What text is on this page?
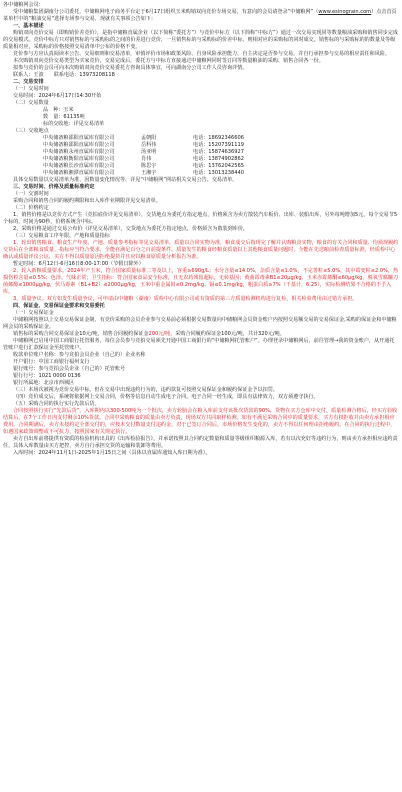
各中储粮网会员：

受中储粮集团湖南分公司委托，中储粮网电子商务平台定于6月17日组织玉米购销双向竞价专场交易，有意向的会员请登录“中储粮网”（www.esinograin.com）点击首页菜单栏中的“粮油交易”选择专场参与交易，现就有关事项公告如下：

一、基本描述

购销双向竞价交易（即购销价差竞价），是指中储粮直属企业（以下简称“委托方”）与竞价中标方（以下简称“中标方”）通过一次交易实现同等数量粮油采购和销售同步完成的交易模式。竞价中标方只对销售标的与采购标的之间的价差进行竞价，一旦销售标的与采购标的价差中标，则相对应的采购标的同时成交。销售标的与采购标的的数量及等级质量相对应，采购标的价格按照交易清单中公布的价格不变。

竞价参与方应认真阅读本公告、交易细则和交易清单，审慎评价市场和政策风险、自身风险承担能力，自主决定是否参与交易，并自行承担参与交易的相应责任和风险。

本次购销双向竞价交易类型为买家竞价，交易完成后，委托方与中标方直接通过中储粮网同时签订同等数量粮油的采购、销售合同各一份。

拟参与竞价的会员可向本次购销双向竞价交易委托方咨询具体事宜，可向湖南分公司工作人员咨询详情。

联系人：王波　　联系电话：13973208118

二、交易安排

（一）交易时间

交易时间：2024年6月17日14:30开始

（二）交易数量

品　种：玉米

数　量：61135吨

标的交收地：详见交易清单

（三）交收地点

中央储备粮邵阳直属库有限公司	孟朝阳	电话：18692346606
中央储备粮邵阳直属库有限公司	岳科伟	电话：15207391119
中央储备粮永州直属库有限公司	汤亚明	电话：15874636927
中央储备粮衡阳直属库有限公司	肖伟	电话：13874902862
中央储备粮长沙直属库有限公司	陈思宇	电话：13762042565
中央储备粮湘潭直属库有限公司	王湘宇	电话：13013238440

具体交易数量以交易清单为准，因数量变化情况等，详见“中储粮网”网站相关交易公告、交易清单。

三、交易时间、价格及质量标准约定

（一）交割时间

采购合同和销售合同的履约期限和出入库作业期限详见交易清单。

（二）价格约定

1、销售价格是以竞价方式产生（竞拍底价详见交易清单），交货地点为委托方指定地点，价格须含为卖方散装汽车板价、出库、装船出库，另外每吨增加5元，每个交易节5个标的，时间为90秒，价格系统含中标。

2、采购价格是通过交易公布价（详见交易清单），交货地点为委托方指定地点，价格须含为散装到库价。

（三）交易粮食工序年限、产地和质量指标

1、轮出销售粮食。粮食生产年度、产地、质量参考指标等见交易清单。质量以合同实物为准，粮食成交后指现完了解并认购粮食实物，粮食的有关合同和质量、均须现履约交货后在全部粮食质量、指标应当符合要求，全能在满足百分之百前提条件，质量发生的粮食经粮食质量以上其他粮食质量问题时，全能在先送粮前检查质量标准，经质检中心确认或质量评议公证，买方不得以质量原因拒绝提货并且应以粮食原质量分析报告为准。

暂定时间：6月12日-6月16日8:00-17:00（节假日除外）

2、轮入新粮质量要求。2024年产玉米，符合国家质量标准二等及以上，容重≥690g/L；水分含量≤14.0%，杂质含量≤1.0%，不完善粒≤5.0%，其中霉变粒≤2.0%，热损伤粒含量≤0.5%；色泽、气味正常；卫生指标：符合国家食品安全标准，且无农药残留超标，无转基因；黄曲霉毒素B1≤20μg/kg，玉米赤霉烯酮≤60μg/kg，脱氧雪腐镰刀菌烯醇≤1000μg/kg，伏马毒素（B1+B2）≤2000μg/kg，玉米中重金属铅≤0.2mg/kg、镉≤0.1mg/kg，粗蛋白质≥7%（干基计，6.25），实际检测结果不合格的不予入库。

3、质量争议。双方如发生质量争议，可申请由中储粮（湖南）质检中心有限公司或有资质的第三方质量检测机构进行复检，相关检验费用由过错方承担。

四、保证金、交易保证金要求和交易委托

（一）交易保证金

中储粮网按照以上交易交易保证金制，有竞价采购的会员企业参与交易前必须根据交易数量向中储粮网会员资金账户内按照交易额交易的交易保证金,采购的保证金和中储粮网会员的采购保证金。

销售标的采购合同交易保证金10元/吨，销售合同履约保证金200元/吨，采购合同履约保证金100元/吨，共计320元/吨。

中储粮网已启用中国工商银行托管服务，每位会员参与竞拍交易须先开通中国工商银行的“中储粮网托管账户”。办理登录中储粮网后，前往管理→我的资金账户，从开通托管账户进行汇款保证金至托管账户。

收款单位账户名称：参与竞拍会员企业（自己的）企业名称

开户银行：中国工商银行福州支行

银行账号：参与竞拍会员企业（自己的）托管账号

银行行号：1021 0000 0136

银行所属地：北京市西城区

（三）本场次被视为竞价交易中标，但在交易中出现违约行为的，违约款复可按照交易保证金和履约保证金予以扣罚。

（四）竞价成交后，系统将依据网上交易合同，价格等信息自动生成电子合同。电子合同一经生成，即具有法律效力，双方须遵守执行。

（五）采购合同的执行实行先款后货。

合同按照执行实行“先款后货”、入库期内以300-500吨为一个批次，卖方轮胎会在粮入库前支付该批次货款的90%，货物在买方仓库中交付，质量检测合格后，经买方验收结算后，在7个工作日内支付剩余10%货款。合同中采购粮食的质量由卖方负责，现场双方共同取样检测。如有不满足采购合同中的质量要求，买方有权拒收并由卖方承担相应费用。合同期满后，卖方未按约定全部交付的，应按未交付数量支付违约金。对于已签订合同后，市场价格发生变化的，卖方不得以任何理由拒绝履约。在合同的执行过程中，如遇国家政策调整或不可抗力，按照国家有关规定执行。

卖方自出库前将提供有资质的检验机构出具的《出库检验报告》，并承诺按照其合同约定数量和质量等级组织粮源入库，若有以次充好等违约行为，则由卖方承担相应违约责任，具体入库数量由买方把控，卖方自行承担交货的运输和装卸等费用。

入库时间：2024年11月1日-2025年1月15日之间（具体以直属库通知入库日期为准）。
